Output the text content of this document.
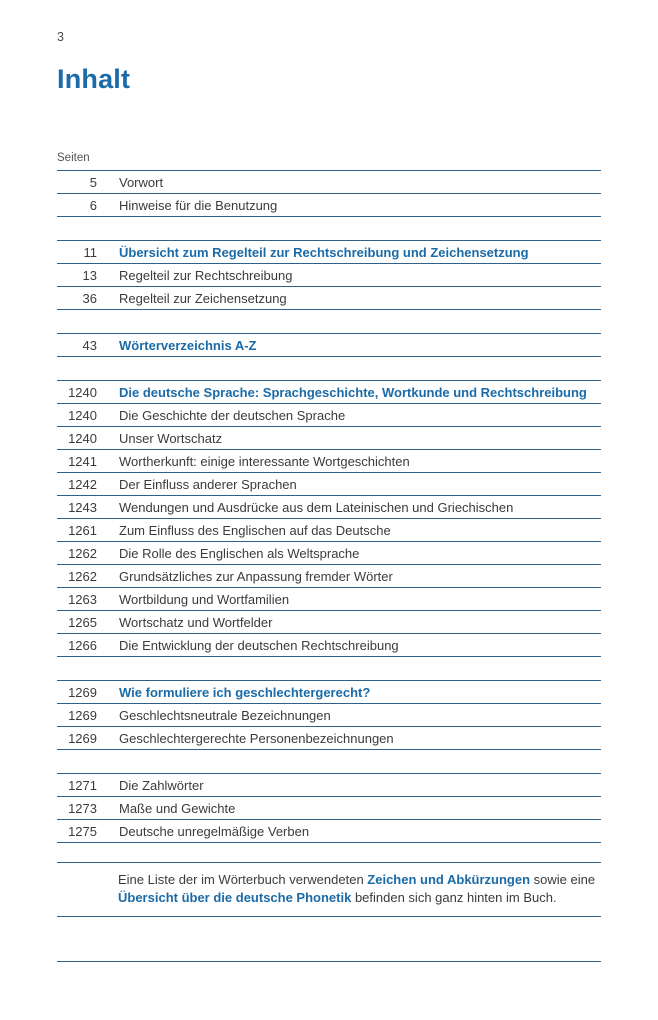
3
Inhalt
Seiten
5 Vorwort
6 Hinweise für die Benutzung
11 Übersicht zum Regelteil zur Rechtschreibung und Zeichensetzung
13 Regelteil zur Rechtschreibung
36 Regelteil zur Zeichensetzung
43 Wörterverzeichnis A-Z
1240 Die deutsche Sprache: Sprachgeschichte, Wortkunde und Rechtschreibung
1240 Die Geschichte der deutschen Sprache
1240 Unser Wortschatz
1241 Wortherkunft: einige interessante Wortgeschichten
1242 Der Einfluss anderer Sprachen
1243 Wendungen und Ausdrücke aus dem Lateinischen und Griechischen
1261 Zum Einfluss des Englischen auf das Deutsche
1262 Die Rolle des Englischen als Weltsprache
1262 Grundsätzliches zur Anpassung fremder Wörter
1263 Wortbildung und Wortfamilien
1265 Wortschatz und Wortfelder
1266 Die Entwicklung der deutschen Rechtschreibung
1269 Wie formuliere ich geschlechtergerecht?
1269 Geschlechtsneutrale Bezeichnungen
1269 Geschlechtergerechte Personenbezeichnungen
1271 Die Zahlwörter
1273 Maße und Gewichte
1275 Deutsche unregelmäßige Verben
Eine Liste der im Wörterbuch verwendeten Zeichen und Abkürzungen sowie eine
Übersicht über die deutsche Phonetik befinden sich ganz hinten im Buch.
